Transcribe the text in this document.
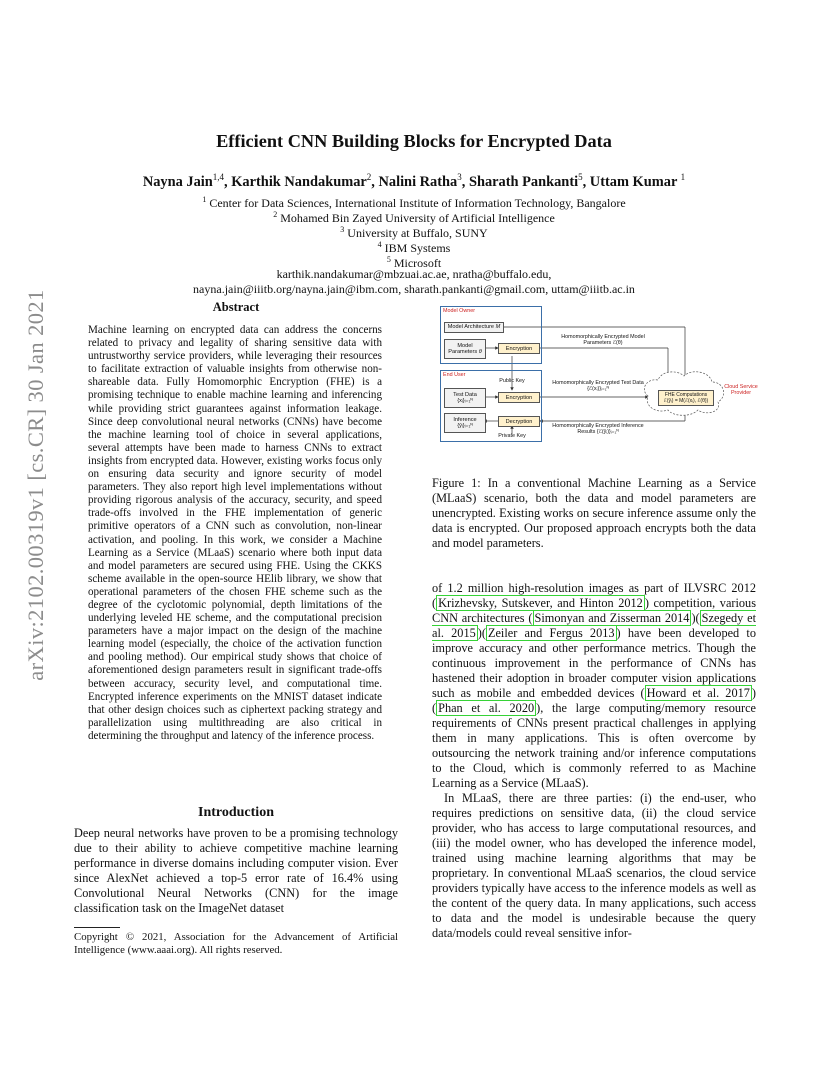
arXiv:2102.00319v1 [cs.CR] 30 Jan 2021
Efficient CNN Building Blocks for Encrypted Data
Nayna Jain$^{1,4}$, Karthik Nandakumar$^2$, Nalini Ratha$^3$, Sharath Pankanti$^5$, Uttam Kumar $^1$
$^1$ Center for Data Sciences, International Institute of Information Technology, Bangalore
$^2$ Mohamed Bin Zayed University of Artificial Intelligence
$^3$ University at Buffalo, SUNY
$^4$ IBM Systems
$^5$ Microsoft
karthik.nandakumar@mbzuai.ac.ae, nratha@buffalo.edu,
nayna.jain@iiitb.org/nayna.jain@ibm.com, sharath.pankanti@gmail.com, uttam@iiitb.ac.in
Abstract

Machine learning on encrypted data can address the concerns related to privacy and legality of sharing sensitive data with untrustworthy service providers, while leveraging their resources to facilitate extraction of valuable insights from otherwise non-shareable data. Fully Homomorphic Encryption (FHE) is a promising technique to enable machine learning and inferencing while providing strict guarantees against information leakage. Since deep convolutional neural networks (CNNs) have become the machine learning tool of choice in several applications, several attempts have been made to harness CNNs to extract insights from encrypted data. However, existing works focus only on ensuring data security and ignore security of model parameters. They also report high level implementations without providing rigorous analysis of the accuracy, security, and speed trade-offs involved in the FHE implementation of generic primitive operators of a CNN such as convolution, non-linear activation, and pooling. In this work, we consider a Machine Learning as a Service (MLaaS) scenario where both input data and model parameters are secured using FHE. Using the CKKS scheme available in the open-source HElib library, we show that operational parameters of the chosen FHE scheme such as the degree of the cyclotomic polynomial, depth limitations of the underlying leveled HE scheme, and the computational precision parameters have a major impact on the design of the machine learning model (especially, the choice of the activation function and pooling method). Our empirical study shows that choice of aforementioned design parameters result in significant trade-offs between accuracy, security level, and computational time. Encrypted inference experiments on the MNIST dataset indicate that other design choices such as ciphertext packing strategy and parallelization using multithreading are also critical in determining the throughput and latency of the inference process.

Introduction

Deep neural networks have proven to be a promising technology due to their ability to achieve competitive machine learning performance in diverse domains including computer vision. Ever since AlexNet achieved a top-5 error rate of 16.4% using Convolutional Neural Networks (CNN) for the image classification task on the ImageNet dataset

Copyright © 2021, Association for the Advancement of Artificial Intelligence (www.aaai.org). All rights reserved.
Model Owner
Model Architecture
M
Model Parameters θ
Encryption
Homomorphically Encrypted Model Parameters ℰ(θ)
End User
Public Key
Test Data
{xᵢ}ᵢ₌₁ᴺ
Encryption
Homomorphically Encrypted Test Data {ℰ(xᵢ)}ᵢ₌₁ᴺ
Inference
{ŷᵢ}ᵢ₌₁ᴺ
Decryption
Private Key
Homomorphically Encrypted Inference Results {ℰ(ŷᵢ)}ᵢ₌₁ᴺ
FHE Computations
ℰ(ŷᵢ) = M(ℰ(xᵢ), ℰ(θ))
Cloud Service Provider

Figure 1: In a conventional Machine Learning as a Service (MLaaS) scenario, both the data and model parameters are unencrypted. Existing works on secure inference assume only the data is encrypted. Our proposed approach encrypts both the data and model parameters.

of 1.2 million high-resolution images as part of ILVSRC 2012 ( Krizhevsky, Sutskever, and Hinton 2012 ) competition, various CNN architectures ( Simonyan and Zisserman 2014 )( Szegedy et al. 2015 )( Zeiler and Fergus 2013 ) have been developed to improve accuracy and other performance metrics. Though the continuous improvement in the performance of CNNs has hastened their adoption in broader computer vision applications such as mobile and embedded devices ( Howard et al. 2017 )( Phan et al. 2020 ), the large computing/memory resource requirements of CNNs present practical challenges in applying them in many applications. This is often overcome by outsourcing the network training and/or inference computations to the Cloud, which is commonly referred to as Machine Learning as a Service (MLaaS).

In MLaaS, there are three parties: (i) the end-user, who requires predictions on sensitive data, (ii) the cloud service provider, who has access to large computational resources, and (iii) the model owner, who has developed the inference model, trained using machine learning algorithms that may be proprietary. In conventional MLaaS scenarios, the cloud service providers typically have access to the inference models as well as the content of the query data. In many applications, such access to data and the model is undesirable because the query data/models could reveal sensitive infor-
